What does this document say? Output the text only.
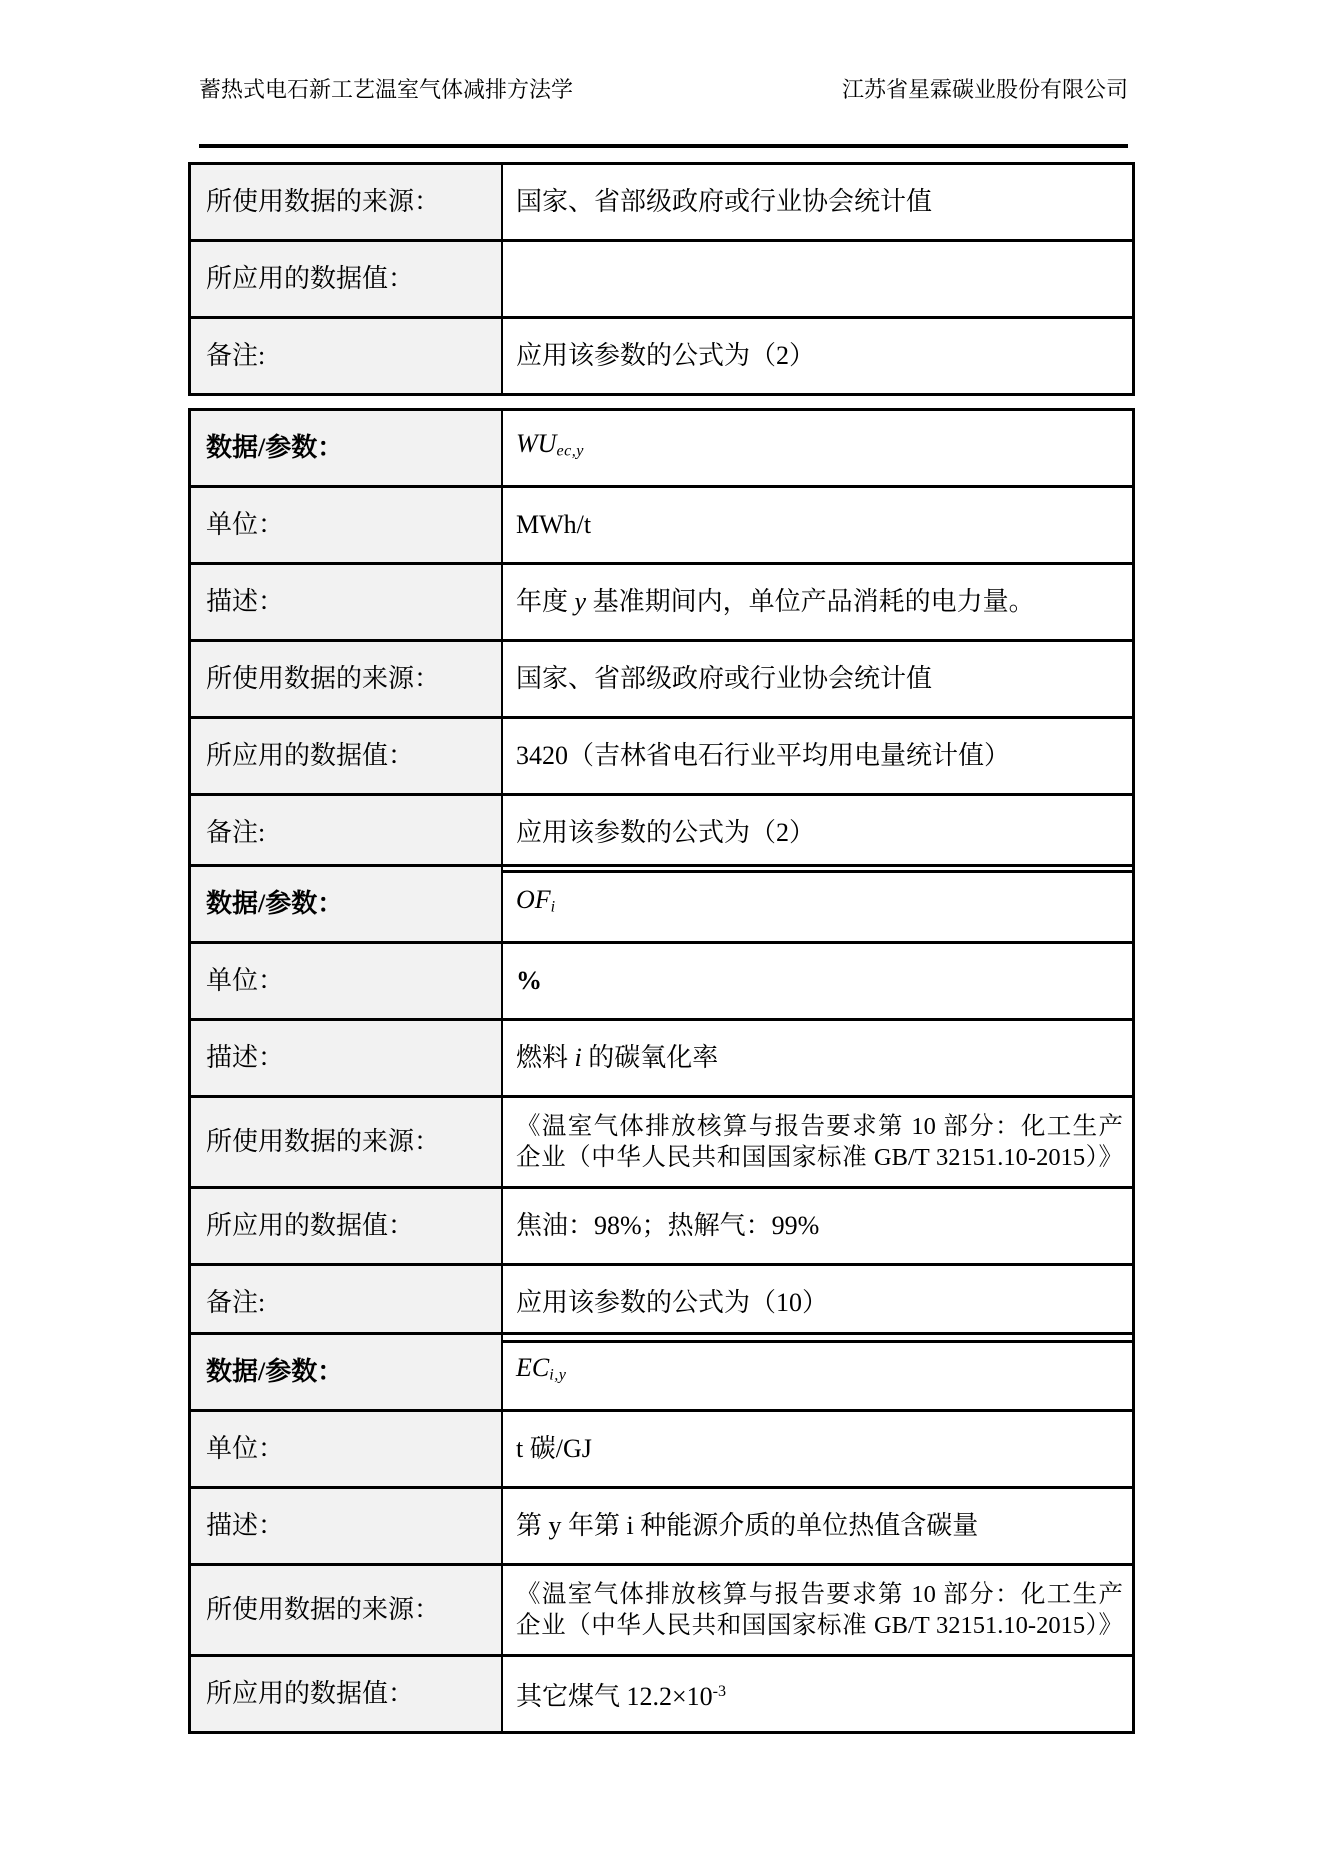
蓄热式电石新工艺温室气体减排方法学	江苏省星霖碳业股份有限公司
所使用数据的来源：	国家、省部级政府或行业协会统计值
所应用的数据值：	
备注:	应用该参数的公式为（2）
数据/参数：	WUec,y
单位：	MWh/t
描述：	年度 y 基准期间内，单位产品消耗的电力量。
所使用数据的来源：	国家、省部级政府或行业协会统计值
所应用的数据值：	3420（吉林省电石行业平均用电量统计值）
备注:	应用该参数的公式为（2）
数据/参数：	OFi
单位：	%
描述：	燃料 i 的碳氧化率
所使用数据的来源：	《温室气体排放核算与报告要求第 10 部分：化工生产
企业（中华人民共和国国家标准 GB/T 32151.10-2015）》
所应用的数据值：	焦油：98%；热解气：99%
备注:	应用该参数的公式为（10）
数据/参数：	ECi,y
单位：	t 碳/GJ
描述：	第 y 年第 i 种能源介质的单位热值含碳量
所使用数据的来源：	《温室气体排放核算与报告要求第 10 部分：化工生产
企业（中华人民共和国国家标准 GB/T 32151.10-2015）》
所应用的数据值：	其它煤气 $12.2\times 10^{-3}$
